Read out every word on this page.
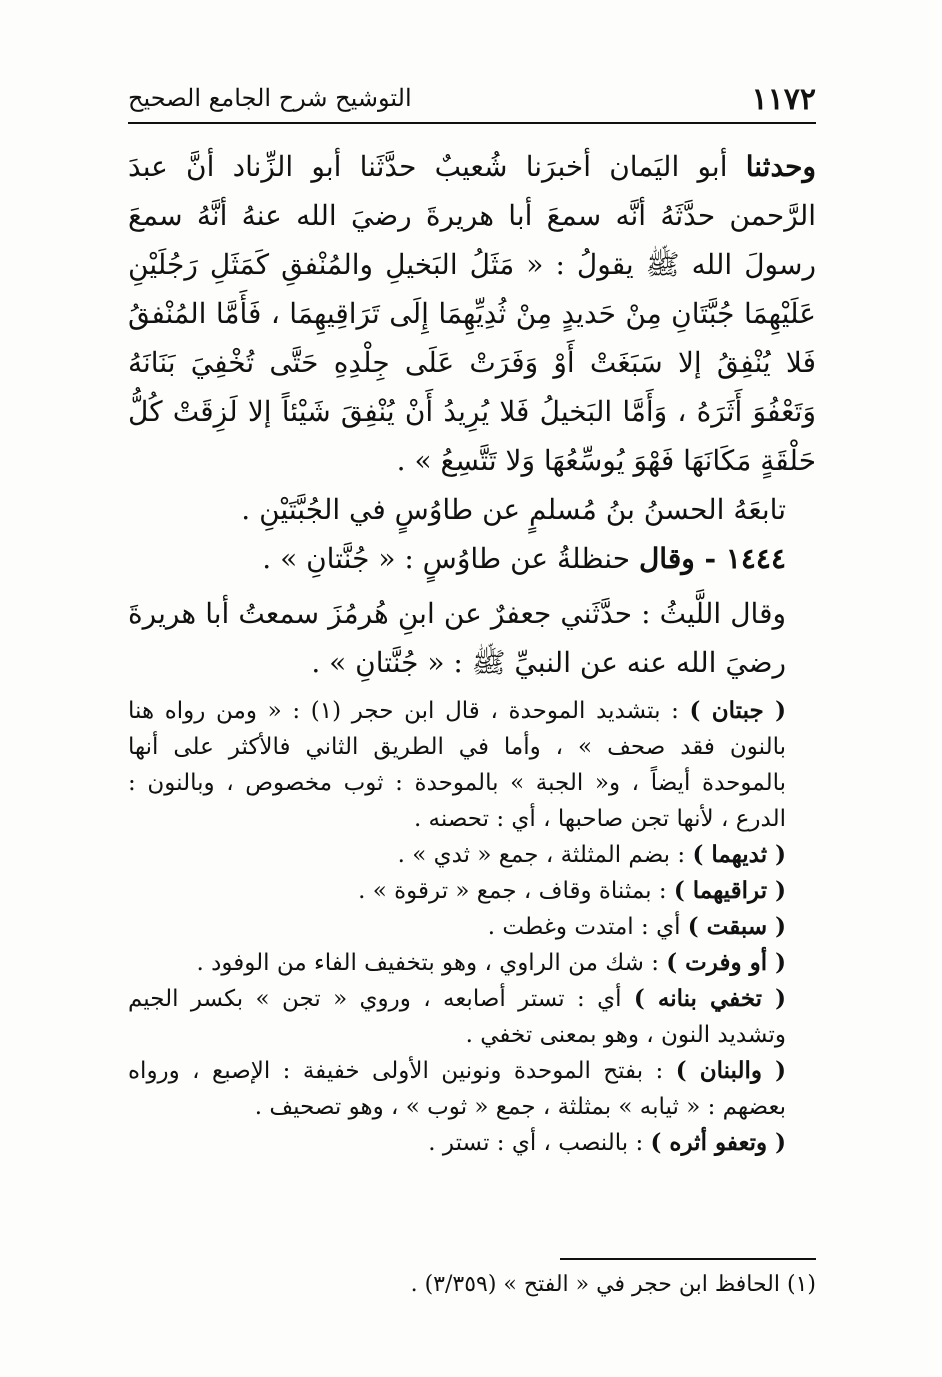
١١٧٢
التوشيح شرح الجامع الصحيح

وحدثنا أبو اليَمان أخبرَنا شُعيبٌ حدَّثَنا أبو الزِّناد أنَّ عبدَ الرَّحمن حدَّثَهُ أنَّه سمعَ أبا هريرةَ رضيَ الله عنهُ أنَّهُ سمعَ رسولَ الله ﷺ يقولُ : « مَثَلُ البَخيلِ والمُنْفقِ كَمَثَلِ رَجُلَيْنِ عَلَيْهِمَا جُبَّتَانِ مِنْ حَديدٍ مِنْ ثُدِيِّهِمَا إِلَى تَرَاقِيهِمَا ، فَأَمَّا المُنْفقُ فَلا يُنْفِقُ إلا سَبَغَتْ أَوْ وَفَرَتْ عَلَى جِلْدِهِ حَتَّى تُخْفِيَ بَنَانَهُ وَتَعْفُوَ أَثَرَهُ ، وَأَمَّا البَخيلُ فَلا يُرِيدُ أَنْ يُنْفِقَ شَيْئاً إلا لَزِقَتْ كُلُّ حَلْقَةٍ مَكَانَهَا فَهْوَ يُوسِّعُهَا وَلا تَتَّسِعُ » .

تابعَهُ الحسنُ بنُ مُسلمٍ عن طاوُسٍ في الجُبَّتَيْنِ .

١٤٤٤ - وقال حنظلةُ عن طاوُسٍ : « جُنَّتانِ » .

وقال اللَّيثُ : حدَّثَني جعفرٌ عن ابنِ هُرمُزَ سمعتُ أبا هريرةَ رضيَ الله عنه عن النبيِّ ﷺ : « جُنَّتانِ » .

( جبتان ) : بتشديد الموحدة ، قال ابن حجر (١) : « ومن رواه هنا بالنون فقد صحف » ، وأما في الطريق الثاني فالأكثر على أنها بالموحدة أيضاً ، و« الجبة » بالموحدة : ثوب مخصوص ، وبالنون : الدرع ، لأنها تجن صاحبها ، أي : تحصنه .

( ثديهما ) : بضم المثلثة ، جمع « ثدي » .

( تراقيهما ) : بمثناة وقاف ، جمع « ترقوة » .

( سبقت ) أي : امتدت وغطت .

( أو وفرت ) : شك من الراوي ، وهو بتخفيف الفاء من الوفود .

( تخفي بنانه ) أي : تستر أصابعه ، وروي « تجن » بكسر الجيم وتشديد النون ، وهو بمعنى تخفي .

( والبنان ) : بفتح الموحدة ونونين الأولى خفيفة : الإصبع ، ورواه بعضهم : « ثيابه » بمثلثة ، جمع « ثوب » ، وهو تصحيف .

( وتعفو أثره ) : بالنصب ، أي : تستر .

(١) الحافظ ابن حجر في « الفتح » (٣/٣٥٩) .
